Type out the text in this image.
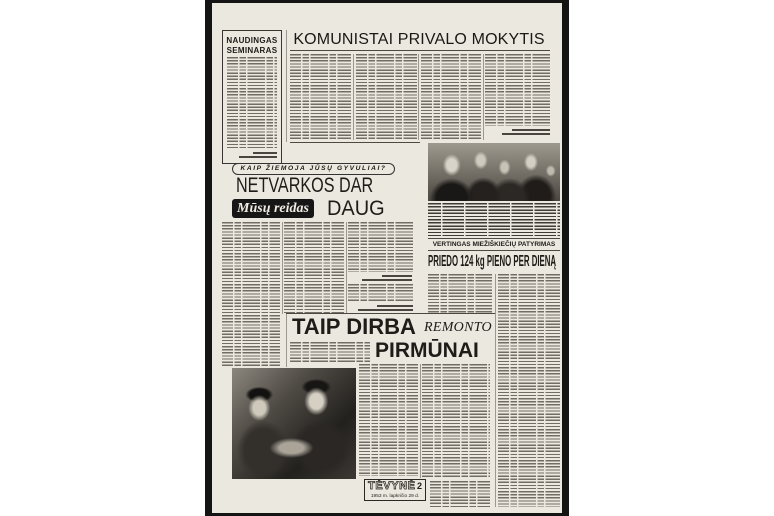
NAUDINGAS SEMINARAS
KOMUNISTAI PRIVALO MOKYTIS
KAIP ŽIEMOJA JŪSŲ GYVULIAI?
NETVARKOS DAR
Mūsų reidas DAUG
VERTINGAS MIEŽIŠKIEČIŲ PATYRIMAS
PRIEDO 124 kg PIENO PER DIENĄ
TAIP DIRBA REMONTO
PIRMŪNAI
TĖVYNĖ 2
1953 m. lapkričio 29 d.
